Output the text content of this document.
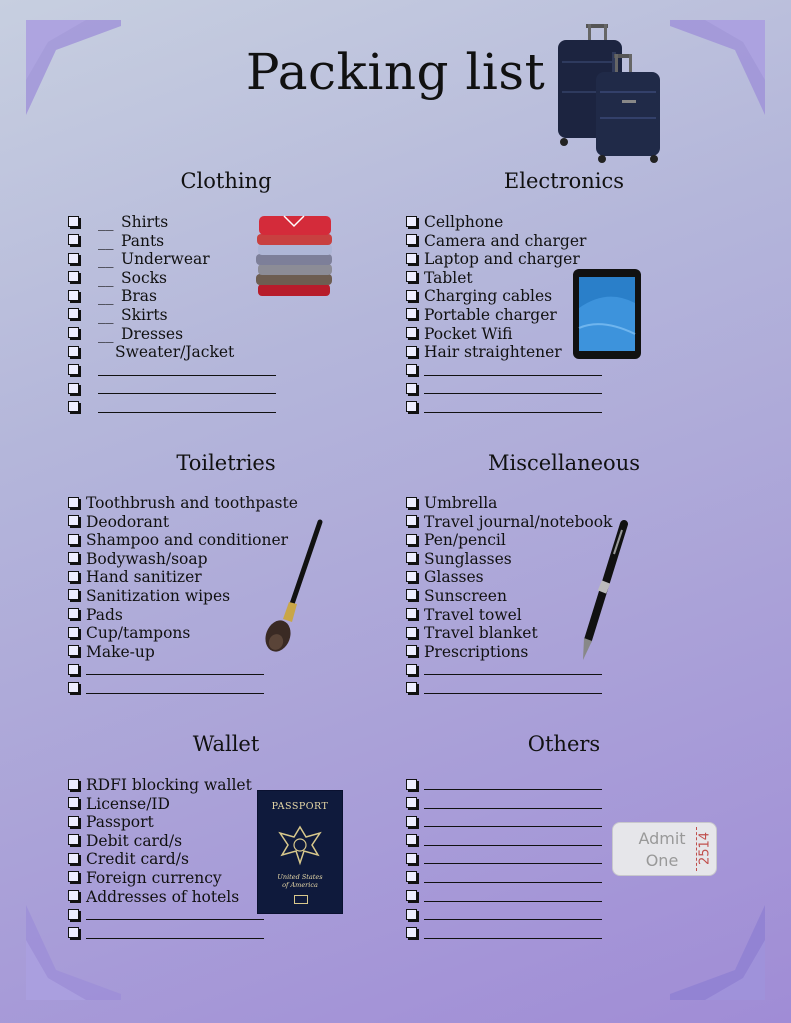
Packing list
Clothing
__ Shirts
__ Pants
__ Underwear
__ Socks
__ Bras
__ Skirts
__ Dresses
Sweater/Jacket
Electronics
Cellphone
Camera and charger
Laptop and charger
Tablet
Charging cables
Portable charger
Pocket Wifi
Hair straightener
Toiletries
Toothbrush and toothpaste
Deodorant
Shampoo and conditioner
Bodywash/soap
Hand sanitizer
Sanitization wipes
Pads
Cup/tampons
Make-up
Miscellaneous
Umbrella
Travel journal/notebook
Pen/pencil
Sunglasses
Glasses
Sunscreen
Travel towel
Travel blanket
Prescriptions
Wallet
RDFI blocking wallet
License/ID
Passport
Debit card/s
Credit card/s
Foreign currency
Addresses of hotels
PASSPORT
United States
of America
Others
Admit
One	2514
